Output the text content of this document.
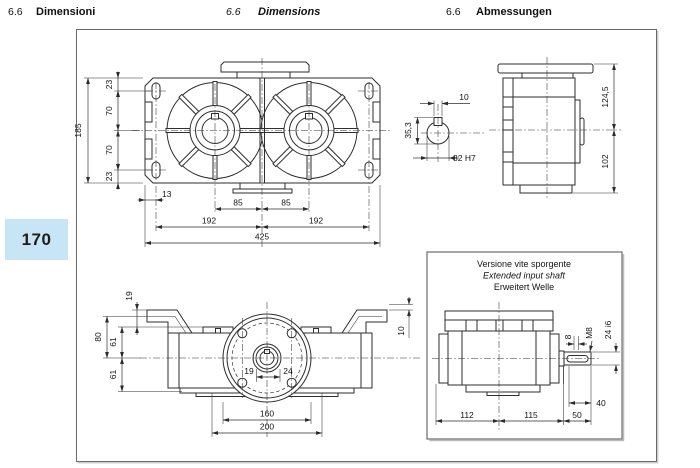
6.6 Dimensioni	6.6 Dimensions	6.6 Abmessungen
170
185
23
70
70
23
13
85	85
192	192
425
10
35,3
32 H7
124,5
102
19
80
61
61
10
19	24
160
200
Versione vite sporgente
Extended input shaft
Erweitert Welle
8 M8 24 i6
40
50
112	115
